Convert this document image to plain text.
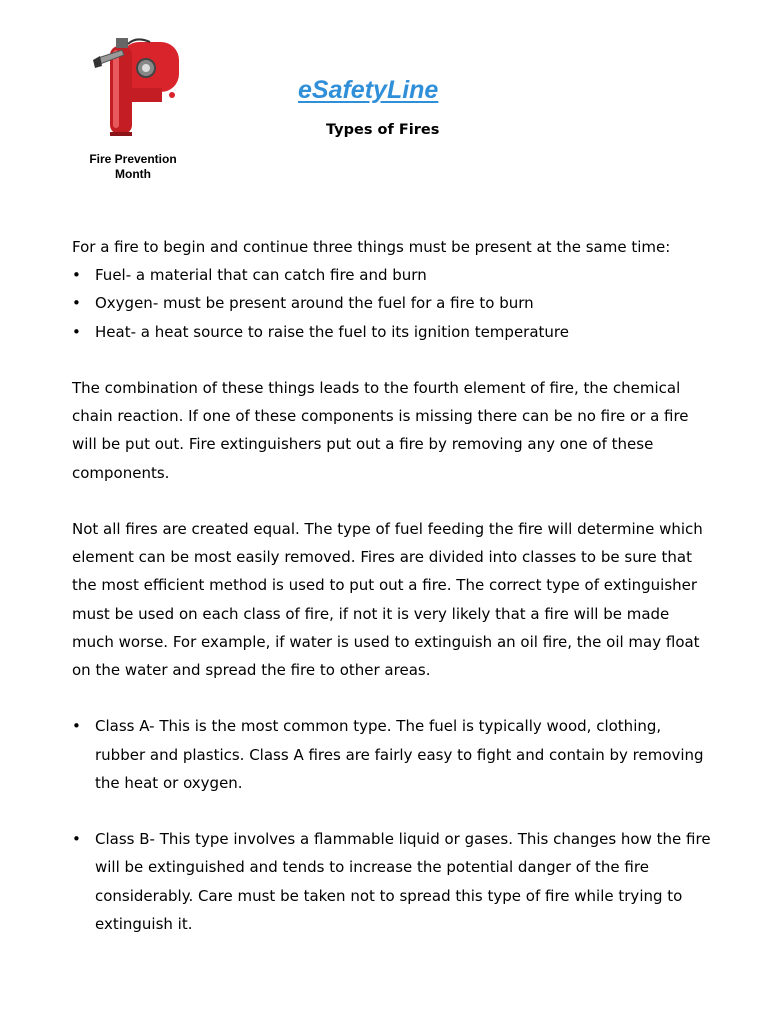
Fire Prevention Month
eSafetyLine
Types of Fires

For a fire to begin and continue three things must be present at the same time:

• Fuel- a material that can catch fire and burn
• Oxygen- must be present around the fuel for a fire to burn
• Heat- a heat source to raise the fuel to its ignition temperature

The combination of these things leads to the fourth element of fire, the chemical chain reaction. If one of these components is missing there can be no fire or a fire will be put out. Fire extinguishers put out a fire by removing any one of these components.

Not all fires are created equal. The type of fuel feeding the fire will determine which element can be most easily removed. Fires are divided into classes to be sure that the most efficient method is used to put out a fire. The correct type of extinguisher must be used on each class of fire, if not it is very likely that a fire will be made much worse. For example, if water is used to extinguish an oil fire, the oil may float on the water and spread the fire to other areas.

• Class A- This is the most common type. The fuel is typically wood, clothing, rubber and plastics. Class A fires are fairly easy to fight and contain by removing the heat or oxygen.
• Class B- This type involves a flammable liquid or gases. This changes how the fire will be extinguished and tends to increase the potential danger of the fire considerably. Care must be taken not to spread this type of fire while trying to extinguish it.
